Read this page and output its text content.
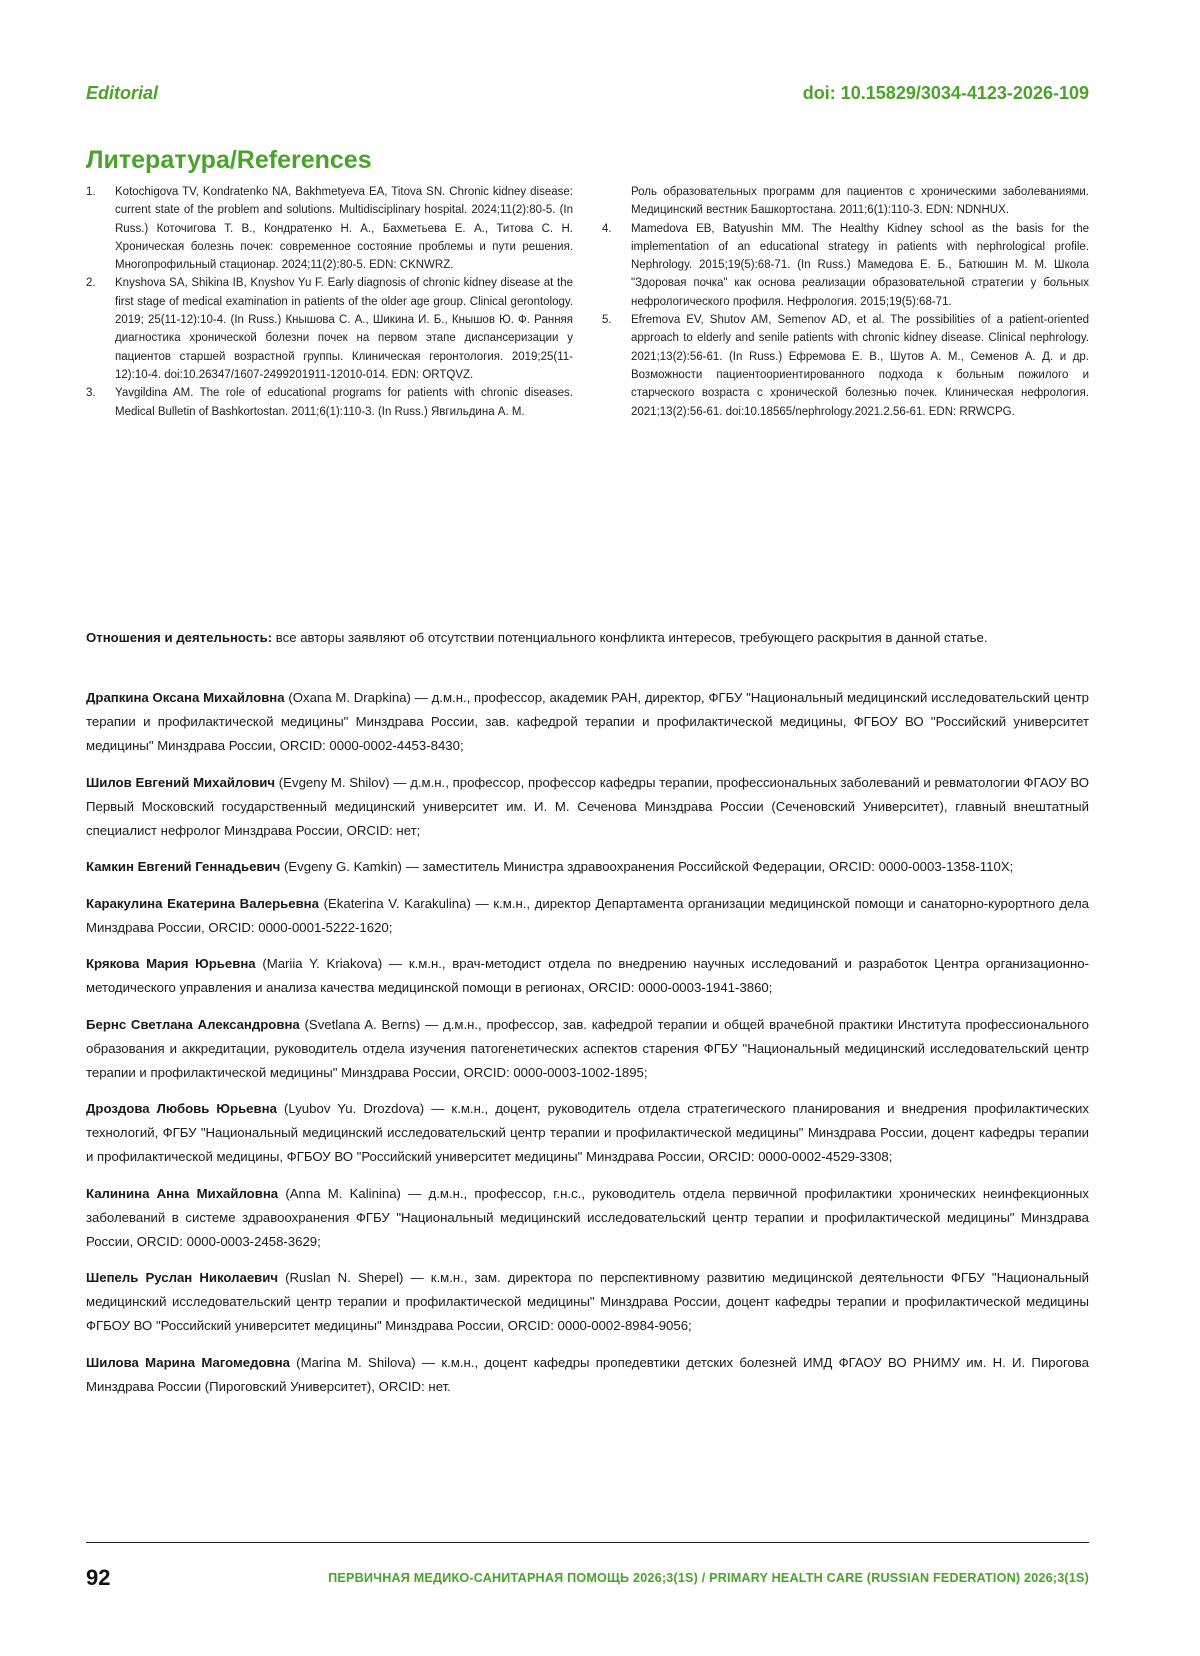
Editorial	doi: 10.15829/3034-4123-2026-109
Литература/References
1.	Kotochigova TV, Kondratenko NA, Bakhmetyeva EA, Titova SN. Chronic kidney disease: current state of the problem and solutions. Multidisciplinary hospital. 2024;11(2):80-5. (In Russ.) Коточигова Т. В., Кондратенко Н. А., Бахметьева Е. А., Титова С. Н. Хроническая болезнь почек: современное состояние проблемы и пути решения. Многопрофильный стационар. 2024;11(2):80-5. EDN: CKNWRZ.
2.	Knyshova SA, Shikina IB, Knyshov Yu F. Early diagnosis of chronic kidney disease at the first stage of medical examination in patients of the older age group. Clinical gerontology. 2019; 25(11-12):10-4. (In Russ.) Кнышова С. А., Шикина И. Б., Кнышов Ю. Ф. Ранняя диагностика хронической болезни почек на первом этапе диспансеризации у пациентов старшей возрастной группы. Клиническая геронтология. 2019;25(11-12):10-4. doi:10.26347/1607-2499201911-12010-014. EDN: ORTQVZ.
3.	Yavgildina AM. The role of educational programs for patients with chronic diseases. Medical Bulletin of Bashkortostan. 2011;6(1):110-3. (In Russ.) Явгильдина А. М.
Роль образовательных программ для пациентов с хроническими заболеваниями. Медицинский вестник Башкортостана. 2011;6(1):110-3. EDN: NDNHUX.
4.	Mamedova EB, Batyushin MM. The Healthy Kidney school as the basis for the implementation of an educational strategy in patients with nephrological profile. Nephrology. 2015;19(5):68-71. (In Russ.) Мамедова Е. Б., Батюшин М. М. Школа "Здоровая почка" как основа реализации образовательной стратегии у больных нефрологического профиля. Нефрология. 2015;19(5):68-71.
5.	Efremova EV, Shutov AM, Semenov AD, et al. The possibilities of a patient-oriented approach to elderly and senile patients with chronic kidney disease. Clinical nephrology. 2021;13(2):56-61. (In Russ.) Ефремова Е. В., Шутов А. М., Семенов А. Д. и др. Возможности пациентоориентированного подхода к больным пожилого и старческого возраста с хронической болезнью почек. Клиническая нефрология. 2021;13(2):56-61. doi:10.18565/nephrology.2021.2.56-61. EDN: RRWCPG.

Отношения и деятельность: все авторы заявляют об отсутствии потенциального конфликта интересов, требующего раскрытия в данной статье.

Драпкина Оксана Михайловна (Oxana M. Drapkina) — д.м.н., профессор, академик РАН, директор, ФГБУ "Национальный медицинский исследовательский центр терапии и профилактической медицины" Минздрава России, зав. кафедрой терапии и профилактической медицины, ФГБОУ ВО "Российский университет медицины" Минздрава России, ORCID: 0000-0002-4453-8430;

Шилов Евгений Михайлович (Evgeny M. Shilov) — д.м.н., профессор, профессор кафедры терапии, профессиональных заболеваний и ревматологии ФГАОУ ВО Первый Московский государственный медицинский университет им. И. М. Сеченова Минздрава России (Сеченовский Университет), главный внештатный специалист нефролог Минздрава России, ORCID: нет;

Камкин Евгений Геннадьевич (Evgeny G. Kamkin) — заместитель Министра здравоохранения Российской Федерации, ORCID: 0000-0003-1358-110X;

Каракулина Екатерина Валерьевна (Ekaterina V. Karakulina) — к.м.н., директор Департамента организации медицинской помощи и санаторно-курортного дела Минздрава России, ORCID: 0000-0001-5222-1620;

Крякова Мария Юрьевна (Mariia Y. Kriakova) — к.м.н., врач-методист отдела по внедрению научных исследований и разработок Центра организационно-методического управления и анализа качества медицинской помощи в регионах, ORCID: 0000-0003-1941-3860;

Бернс Светлана Александровна (Svetlana A. Berns) — д.м.н., профессор, зав. кафедрой терапии и общей врачебной практики Института профессионального образования и аккредитации, руководитель отдела изучения патогенетических аспектов старения ФГБУ "Национальный медицинский исследовательский центр терапии и профилактической медицины" Минздрава России, ORCID: 0000-0003-1002-1895;

Дроздова Любовь Юрьевна (Lyubov Yu. Drozdova) — к.м.н., доцент, руководитель отдела стратегического планирования и внедрения профилактических технологий, ФГБУ "Национальный медицинский исследовательский центр терапии и профилактической медицины" Минздрава России, доцент кафедры терапии и профилактической медицины, ФГБОУ ВО "Российский университет медицины" Минздрава России, ORCID: 0000-0002-4529-3308;

Калинина Анна Михайловна (Anna M. Kalinina) — д.м.н., профессор, г.н.с., руководитель отдела первичной профилактики хронических неинфекционных заболеваний в системе здравоохранения ФГБУ "Национальный медицинский исследовательский центр терапии и профилактической медицины" Минздрава России, ORCID: 0000-0003-2458-3629;

Шепель Руслан Николаевич (Ruslan N. Shepel) — к.м.н., зам. директора по перспективному развитию медицинской деятельности ФГБУ "Национальный медицинский исследовательский центр терапии и профилактической медицины" Минздрава России, доцент кафедры терапии и профилактической медицины ФГБОУ ВО "Российский университет медицины" Минздрава России, ORCID: 0000-0002-8984-9056;

Шилова Марина Магомедовна (Marina M. Shilova) — к.м.н., доцент кафедры пропедевтики детских болезней ИМД ФГАОУ ВО РНИМУ им. Н. И. Пирогова Минздрава России (Пироговский Университет), ORCID: нет.

92	ПЕРВИЧНАЯ МЕДИКО-САНИТАРНАЯ ПОМОЩЬ 2026;3(1S) / PRIMARY HEALTH CARE (RUSSIAN FEDERATION) 2026;3(1S)
